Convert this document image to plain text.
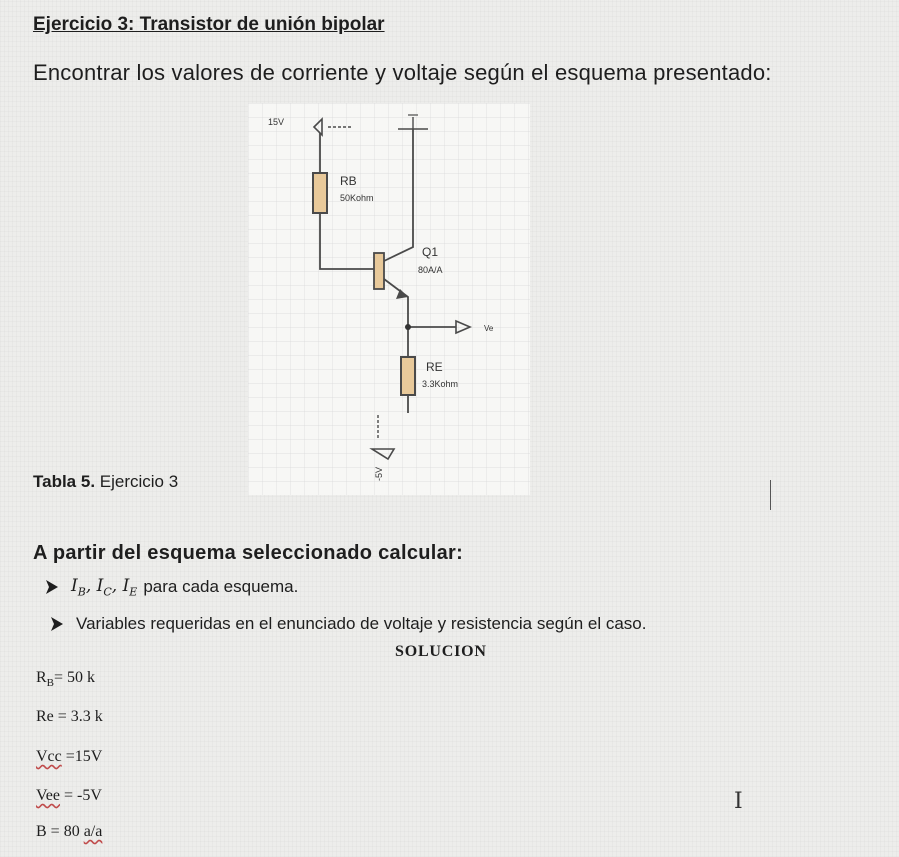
Ejercicio 3: Transistor de unión bipolar
Encontrar los valores de corriente y voltaje según el esquema presentado:
15V
RB
50Kohm
Q1
80A/A
Ve
RE
3.3Kohm
-5V
Tabla 5. Ejercicio 3
A partir del esquema seleccionado calcular:
$I_B$, $I_C$, $I_E$ para cada esquema.
Variables requeridas en el enunciado de voltaje y resistencia según el caso.
SOLUCION
$R_B= 50$ k
Re = 3.3 k
Vcc =15V
Vee = -5V
B = 80 a/a
I
